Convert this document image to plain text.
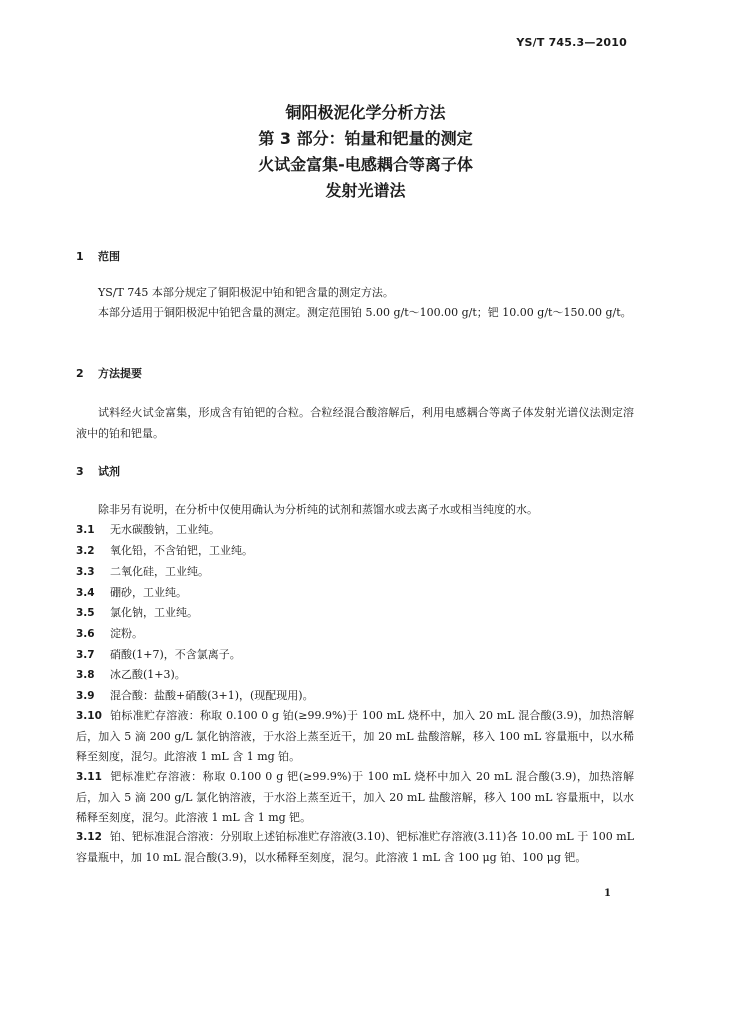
YS/T 745.3—2010
铜阳极泥化学分析方法
第 3 部分：铂量和钯量的测定
火试金富集-电感耦合等离子体
发射光谱法
1 范围
YS/T 745 本部分规定了铜阳极泥中铂和钯含量的测定方法。
本部分适用于铜阳极泥中铂钯含量的测定。测定范围铂 5.00 g/t～100.00 g/t；钯 10.00 g/t～150.00 g/t。
2 方法提要
试料经火试金富集，形成含有铂钯的合粒。合粒经混合酸溶解后，利用电感耦合等离子体发射光谱仪法测定溶液中的铂和钯量。
3 试剂
除非另有说明，在分析中仅使用确认为分析纯的试剂和蒸馏水或去离子水或相当纯度的水。
3.1 无水碳酸钠，工业纯。
3.2 氧化铅，不含铂钯，工业纯。
3.3 二氧化硅，工业纯。
3.4 硼砂，工业纯。
3.5 氯化钠，工业纯。
3.6 淀粉。
3.7 硝酸(1+7)，不含氯离子。
3.8 冰乙酸(1+3)。
3.9 混合酸：盐酸+硝酸(3+1)，(现配现用)。
3.10 铂标准贮存溶液：称取 0.100 0 g 铂(≥99.9%)于 100 mL 烧杯中，加入 20 mL 混合酸(3.9)，加热溶解后，加入 5 滴 200 g/L 氯化钠溶液，于水浴上蒸至近干，加 20 mL 盐酸溶解，移入 100 mL 容量瓶中，以水稀释至刻度，混匀。此溶液 1 mL 含 1 mg 铂。
3.11 钯标准贮存溶液：称取 0.100 0 g 钯(≥99.9%)于 100 mL 烧杯中加入 20 mL 混合酸(3.9)，加热溶解后，加入 5 滴 200 g/L 氯化钠溶液，于水浴上蒸至近干，加入 20 mL 盐酸溶解，移入 100 mL 容量瓶中，以水稀释至刻度，混匀。此溶液 1 mL 含 1 mg 钯。
3.12 铂、钯标准混合溶液：分别取上述铂标准贮存溶液(3.10)、钯标准贮存溶液(3.11)各 10.00 mL 于 100 mL 容量瓶中，加 10 mL 混合酸(3.9)，以水稀释至刻度，混匀。此溶液 1 mL 含 100 μg 铂、100 μg 钯。
1
